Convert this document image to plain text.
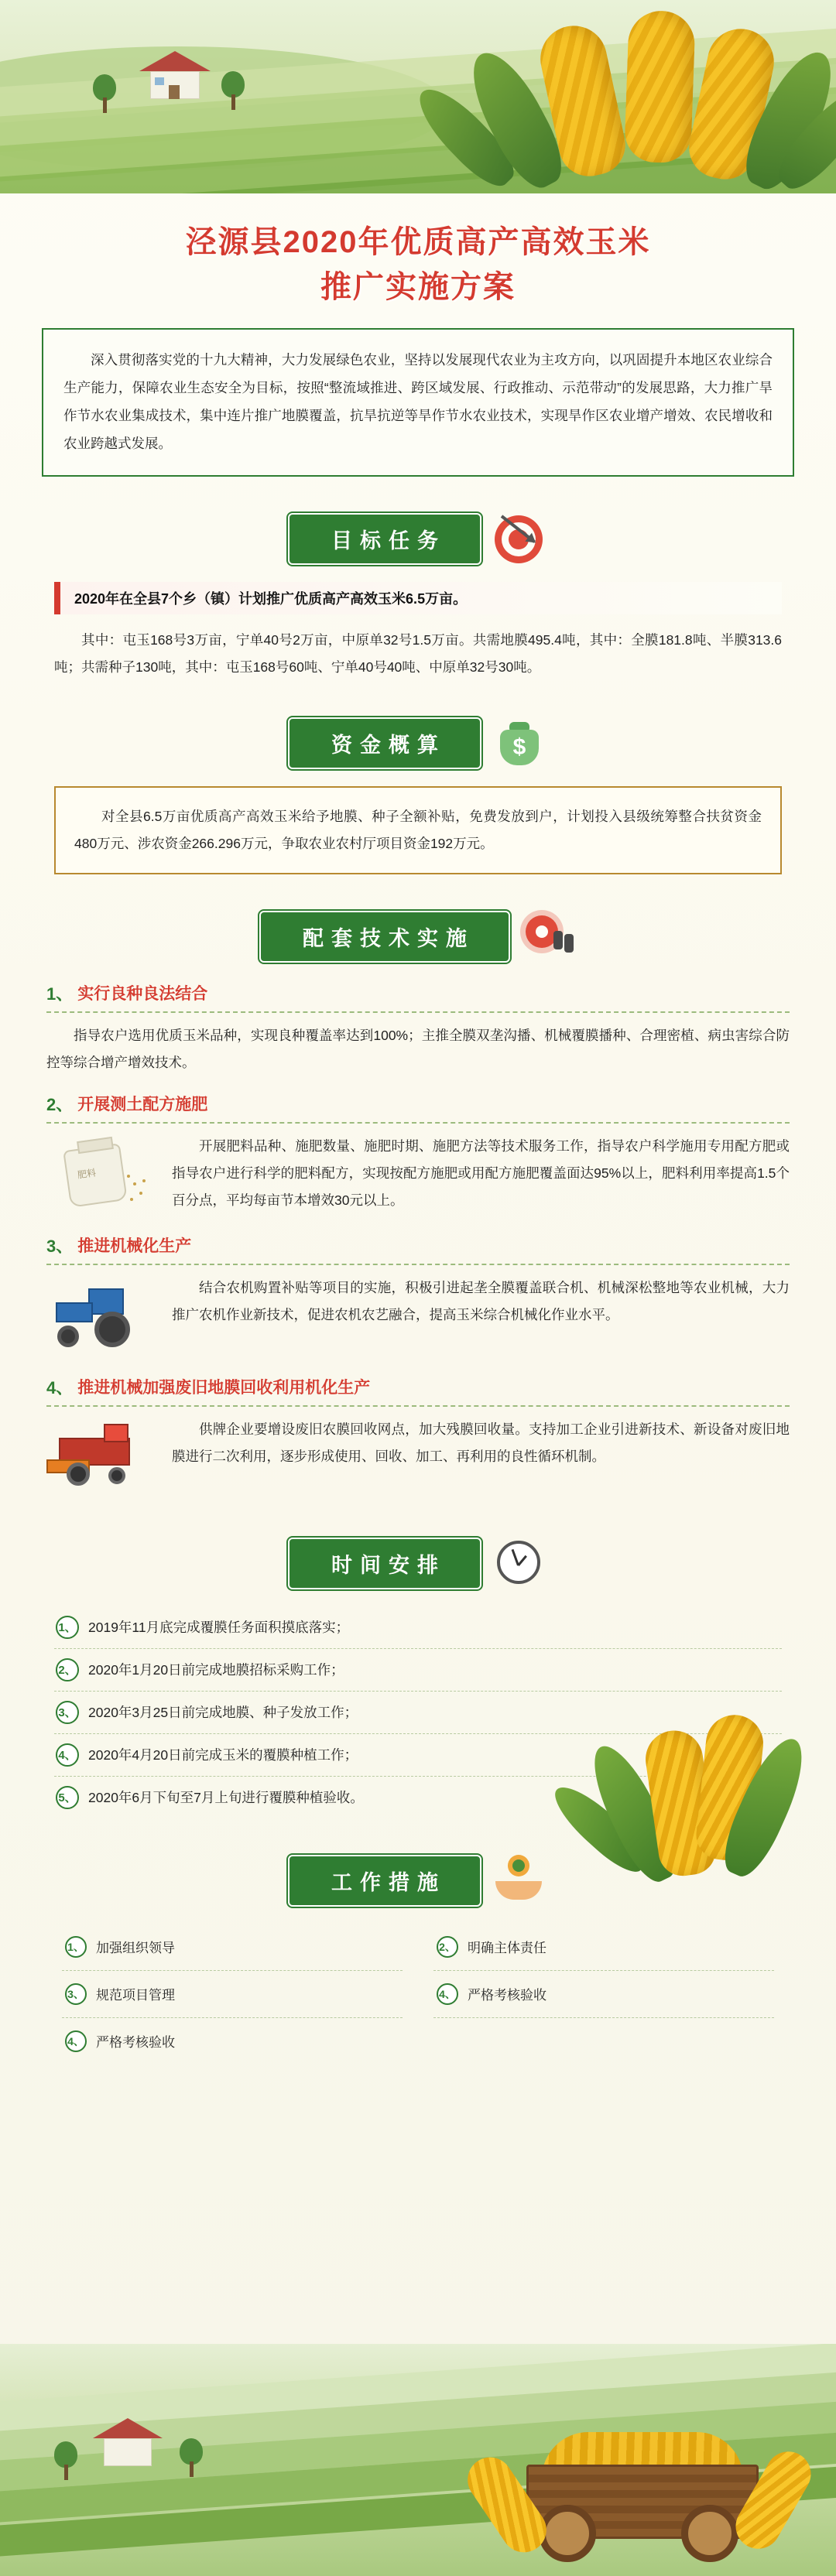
泾源县2020年优质高产高效玉米
推广实施方案
深入贯彻落实党的十九大精神，大力发展绿色农业，坚持以发展现代农业为主攻方向，以巩固提升本地区农业综合生产能力，保障农业生态安全为目标，按照“整流域推进、跨区域发展、行政推动、示范带动”的发展思路，大力推广旱作节水农业集成技术，集中连片推广地膜覆盖，抗旱抗逆等旱作节水农业技术，实现旱作区农业增产增效、农民增收和农业跨越式发展。
目标任务
2020年在全县7个乡（镇）计划推广优质高产高效玉米6.5万亩。
其中：屯玉168号3万亩，宁单40号2万亩，中原单32号1.5万亩。共需地膜495.4吨，其中：全膜181.8吨、半膜313.6吨；共需种子130吨，其中：屯玉168号60吨、宁单40号40吨、中原单32号30吨。
资金概算	$
对全县6.5万亩优质高产高效玉米给予地膜、种子全额补贴，免费发放到户，计划投入县级统筹整合扶贫资金480万元、涉农资金266.296万元，争取农业农村厅项目资金192万元。
配套技术实施
1、 实行良种良法结合
指导农户选用优质玉米品种，实现良种覆盖率达到100%；主推全膜双垄沟播、机械覆膜播种、合理密植、病虫害综合防控等综合增产增效技术。
2、 开展测土配方施肥
肥料
开展肥料品种、施肥数量、施肥时期、施肥方法等技术服务工作，指导农户科学施用专用配方肥或指导农户进行科学的肥料配方，实现按配方施肥或用配方施肥覆盖面达95%以上，肥料利用率提高1.5个百分点，平均每亩节本增效30元以上。
3、 推进机械化生产
结合农机购置补贴等项目的实施，积极引进起垄全膜覆盖联合机、机械深松整地等农业机械，大力推广农机作业新技术，促进农机农艺融合，提高玉米综合机械化作业水平。
4、 推进机械加强废旧地膜回收利用机化生产
供牌企业要增设废旧农膜回收网点，加大残膜回收量。支持加工企业引进新技术、新设备对废旧地膜进行二次利用，逐步形成使用、回收、加工、再利用的良性循环机制。
时间安排
1、 2019年11月底完成覆膜任务面积摸底落实；
2、 2020年1月20日前完成地膜招标采购工作；
3、 2020年3月25日前完成地膜、种子发放工作；
4、 2020年4月20日前完成玉米的覆膜种植工作；
5、 2020年6月下旬至7月上旬进行覆膜种植验收。
工作措施
1、 加强组织领导	2、 明确主体责任
3、 规范项目管理	4、 严格考核验收
4、 严格考核验收
